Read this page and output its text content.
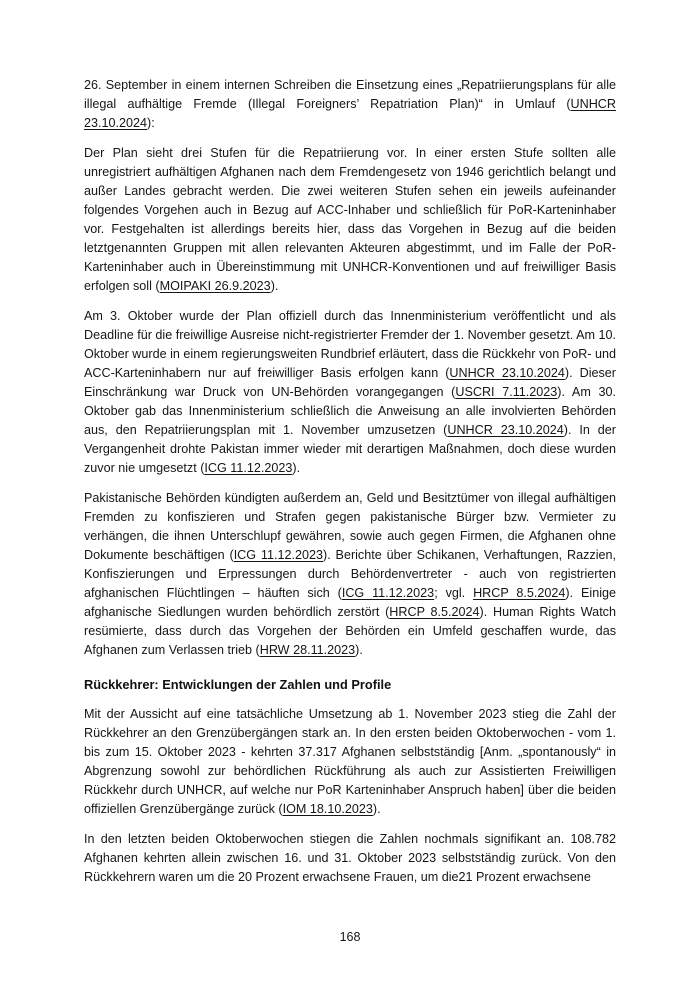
26. September in einem internen Schreiben die Einsetzung eines „Repatriierungsplans für alle illegal aufhältige Fremde (Illegal Foreigners’ Repatriation Plan)“ in Umlauf (UNHCR 23.10.2024):

Der Plan sieht drei Stufen für die Repatriierung vor. In einer ersten Stufe sollten alle unregistriert aufhältigen Afghanen nach dem Fremdengesetz von 1946 gerichtlich belangt und außer Landes gebracht werden. Die zwei weiteren Stufen sehen ein jeweils aufeinander folgendes Vorgehen auch in Bezug auf ACC-Inhaber und schließlich für PoR-Karteninhaber vor. Festgehalten ist allerdings bereits hier, dass das Vorgehen in Bezug auf die beiden letztgenannten Gruppen mit allen relevanten Akteuren abgestimmt, und im Falle der PoR-Karteninhaber auch in Übereinstimmung mit UNHCR-Konventionen und auf freiwilliger Basis erfolgen soll (MOIPAKI 26.9.2023).

Am 3. Oktober wurde der Plan offiziell durch das Innenministerium veröffentlicht und als Deadline für die freiwillige Ausreise nicht-registrierter Fremder der 1. November gesetzt. Am 10. Oktober wurde in einem regierungsweiten Rundbrief erläutert, dass die Rückkehr von PoR- und ACC-Karteninhabern nur auf freiwilliger Basis erfolgen kann (UNHCR 23.10.2024). Dieser Einschränkung war Druck von UN-Behörden vorangegangen (USCRI 7.11.2023). Am 30. Oktober gab das Innenministerium schließlich die Anweisung an alle involvierten Behörden aus, den Repatriierungsplan mit 1. November umzusetzen (UNHCR 23.10.2024). In der Vergangenheit drohte Pakistan immer wieder mit derartigen Maßnahmen, doch diese wurden zuvor nie umgesetzt (ICG 11.12.2023).

Pakistanische Behörden kündigten außerdem an, Geld und Besitztümer von illegal aufhältigen Fremden zu konfiszieren und Strafen gegen pakistanische Bürger bzw. Vermieter zu verhängen, die ihnen Unterschlupf gewähren, sowie auch gegen Firmen, die Afghanen ohne Dokumente beschäftigen (ICG 11.12.2023). Berichte über Schikanen, Verhaftungen, Razzien, Konfiszierungen und Erpressungen durch Behördenvertreter - auch von registrierten afghanischen Flüchtlingen – häuften sich (ICG 11.12.2023; vgl. HRCP 8.5.2024). Einige afghanische Siedlungen wurden behördlich zerstört (HRCP 8.5.2024). Human Rights Watch resümierte, dass durch das Vorgehen der Behörden ein Umfeld geschaffen wurde, das Afghanen zum Verlassen trieb (HRW 28.11.2023).

Rückkehrer: Entwicklungen der Zahlen und Profile

Mit der Aussicht auf eine tatsächliche Umsetzung ab 1. November 2023 stieg die Zahl der Rückkehrer an den Grenzübergängen stark an. In den ersten beiden Oktoberwochen - vom 1. bis zum 15. Oktober 2023 - kehrten 37.317 Afghanen selbstständig [Anm. „spontanously“ in Abgrenzung sowohl zur behördlichen Rückführung als auch zur Assistierten Freiwilligen Rückkehr durch UNHCR, auf welche nur PoR Karteninhaber Anspruch haben] über die beiden offiziellen Grenzübergänge zurück (IOM 18.10.2023).

In den letzten beiden Oktoberwochen stiegen die Zahlen nochmals signifikant an. 108.782 Afghanen kehrten allein zwischen 16. und 31. Oktober 2023 selbstständig zurück. Von den Rückkehrern waren um die 20 Prozent erwachsene Frauen, um die21 Prozent erwachsene

168
